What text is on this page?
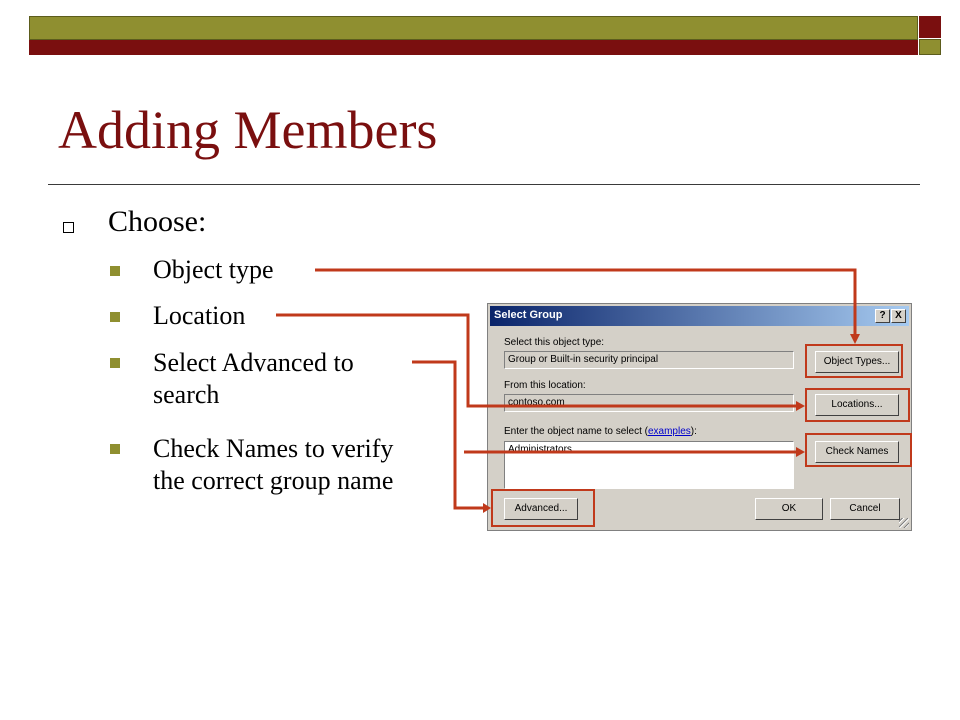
Adding Members
Choose:
Object type
Location
Select Advanced to
search
Check Names to verify
the correct group name
Select Group	? X
Select this object type:
Group or Built-in security principal	Object Types...
From this location:
contoso.com	Locations...
Enter the object name to select (examples):
Administrators	Check Names
Advanced...	OK	Cancel
